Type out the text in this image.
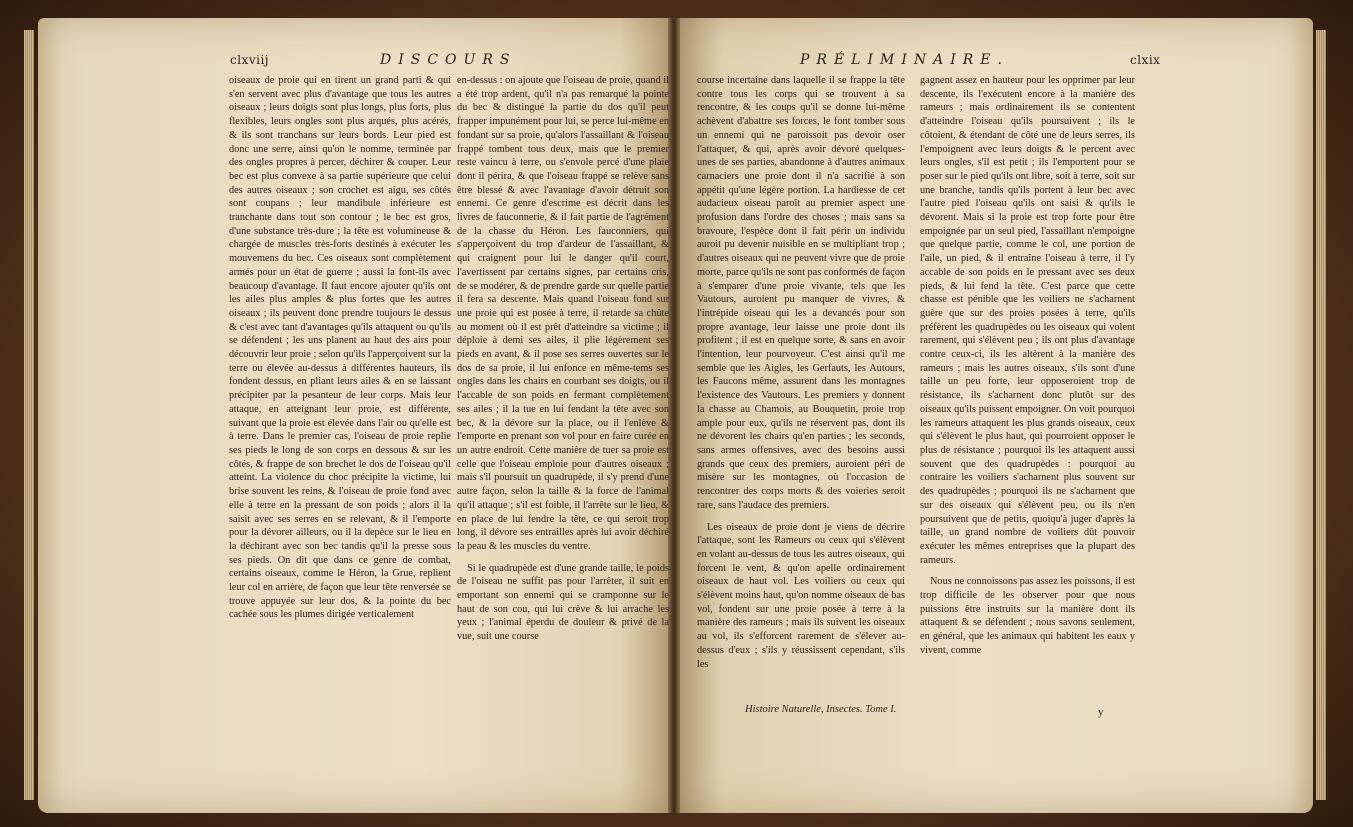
clxviij	DISCOURS

oiseaux de proie qui en tirent un grand parti & qui s'en servent avec plus d'avantage que tous les autres oiseaux ; leurs doigts sont plus longs, plus forts, plus flexibles, leurs ongles sont plus arqués, plus acérés, & ils sont tranchans sur leurs bords. Leur pied est donc une serre, ainsi qu'on le nomme, terminée par des ongles propres à percer, déchirer & couper. Leur bec est plus convexe à sa partie supérieure que celui des autres oiseaux ; son crochet est aigu, ses côtés sont coupans ; leur mandibule inférieure est tranchante dans tout son contour ; le bec est gros, d'une substance très-dure ; la tête est volumineuse & chargée de muscles très-forts destinés à exécuter les mouvemens du bec. Ces oiseaux sont complètement armés pour un état de guerre ; aussi la font-ils avec beaucoup d'avantage. Il faut encore ajouter qu'ils ont les ailes plus amples & plus fortes que les autres oiseaux ; ils peuvent donc prendre toujours le dessus & c'est avec tant d'avantages qu'ils attaquent ou qu'ils se défendent ; les uns planent au haut des airs pour découvrir leur proie ; selon qu'ils l'apperçoivent sur la terre ou élevée au-dessus à différentes hauteurs, ils fondent dessus, en pliant leurs ailes & en se laissant précipiter par la pesanteur de leur corps. Mais leur attaque, en atteignant leur proie, est différente, suivant que la proie est élevée dans l'air ou qu'elle est à terre. Dans le premier cas, l'oiseau de proie replie ses pieds le long de son corps en dessous & sur les côtés, & frappe de son brechet le dos de l'oiseau qu'il atteint. La violence du choc précipite la victime, lui brise souvent les reins, & l'oiseau de proie fond avec elle à terre en la pressant de son poids ; alors il la saisit avec ses serres en se relevant, & il l'emporte pour la dévorer ailleurs, ou il la depèce sur le lieu en la déchirant avec son bec tandis qu'il la presse sous ses pieds. On dit que dans ce genre de combat, certains oiseaux, comme le Héron, la Grue, replient leur col en arrière, de façon que leur tête renversée se trouve appuyée sur leur dos, & la pointe du bec cachée sous les plumes dirigée verticalement

en-dessus : on ajoute que l'oiseau de proie, quand il a été trop ardent, qu'il n'a pas remarqué la pointe du bec & distingué la partie du dos qu'il peut frapper impunément pour lui, se perce lui-même en fondant sur sa proie, qu'alors l'assaillant & l'oiseau frappé tombent tous deux, mais que le premier reste vaincu à terre, ou s'envole percé d'une plaie dont il périra, & que l'oiseau frappé se relève sans être blessé & avec l'avantage d'avoir détruit son ennemi. Ce genre d'escrime est décrit dans les livres de fauconnerie, & il fait partie de l'agrément de la chasse du Héron. Les fauconniers, qui s'apperçoivent du trop d'ardeur de l'assaillant, & qui craignent pour lui le danger qu'il court, l'avertissent par certains signes, par certains cris, de se modérer, & de prendre garde sur quelle partie il fera sa descente. Mais quand l'oiseau fond sur une proie qui est posée à terre, il retarde sa chûte au moment où il est prêt d'atteindre sa victime ; il déploie à demi ses ailes, il plie légèrement ses pieds en avant, & il pose ses serres ouvertes sur le dos de sa proie, il lui enfonce en même-tems ses ongles dans les chairs en courbant ses doigts, ou il l'accable de son poids en fermant complètement ses ailes ; il la tue en lui fendant la tête avec son bec, & la dévore sur la place, ou il l'enlève & l'emporte en prenant son vol pour en faire curée en un autre endroit. Cette manière de tuer sa proie est celle que l'oiseau emploie pour d'autres oiseaux ; mais s'il poursuit un quadrupède, il s'y prend d'une autre façon, selon la taille & la force de l'animal qu'il attaque ; s'il est foible, il l'arrête sur le lieu, & en place de lui fendre la tête, ce qui seroit trop long, il dévore ses entrailles après lui avoir déchiré la peau & les muscles du ventre.

Si le quadrupède est d'une grande taille, le poids de l'oiseau ne suffit pas pour l'arrêter, il suit en emportant son ennemi qui se cramponne sur le haut de son cou, qui lui crève & lui arrache les yeux ; l'animal éperdu de douleur & privé de la vue, suit une course

PRÉLIMINAIRE.	clxix

course incertaine dans laquelle il se frappe la tête contre tous les corps qui se trouvent à sa rencontre, & les coups qu'il se donne lui-même achèvent d'abattre ses forces, le font tomber sous un ennemi qui ne paroissoit pas devoir oser l'attaquer, & qui, après avoir dévoré quelques-unes de ses parties, abandonne à d'autres animaux carnaciers une proie dont il n'a sacrifié à son appétit qu'une légère portion. La hardiesse de cet audacieux oiseau paroît au premier aspect une profusion dans l'ordre des choses ; mais sans sa bravoure, l'espèce dont il fait périr un individu auroit pu devenir nuisible en se multipliant trop ; d'autres oiseaux qui ne peuvent vivre que de proie morte, parce qu'ils ne sont pas conformés de façon à s'emparer d'une proie vivante, tels que les Vautours, auroient pu manquer de vivres, & l'intrépide oiseau qui les a devancés pour son propre avantage, leur laisse une proie dont ils profitent ; il est en quelque sorte, & sans en avoir l'intention, leur pourvoyeur. C'est ainsi qu'il me semble que les Aigles, les Gerfauts, les Autours, les Faucons même, assurent dans les montagnes l'existence des Vautours. Les premiers y donnent la chasse au Chamois, au Bouquetin, proie trop ample pour eux, qu'ils ne réservent pas, dont ils ne dévorent les chairs qu'en parties ; les seconds, sans armes offensives, avec des besoins aussi grands que ceux des premiers, auroient péri de misère sur les montagnes, où l'occasion de rencontrer des corps morts & des voieries seroit rare, sans l'audace des premiers.

Les oiseaux de proie dont je viens de décrire l'attaque, sont les Rameurs ou ceux qui s'élèvent en volant au-dessus de tous les autres oiseaux, qui forcent le vent, & qu'on apelle ordinairement oiseaux de haut vol. Les voiliers ou ceux qui s'élèvent moins haut, qu'on nomme oiseaux de bas vol, fondent sur une proie posée à terre à la manière des rameurs ; mais ils suivent les oiseaux au vol, ils s'efforcent rarement de s'élever au-dessus d'eux ; s'ils y réussissent cependant, s'ils les

gagnent assez en hauteur pour les opprimer par leur descente, ils l'exécutent encore à la manière des rameurs ; mais ordinairement ils se contentent d'atteindre l'oiseau qu'ils poursuivent ; ils le côtoient, & étendant de côté une de leurs serres, ils l'empoignent avec leurs doigts & le percent avec leurs ongles, s'il est petit ; ils l'emportent pour se poser sur le pied qu'ils ont libre, soit à terre, soit sur une branche, tandis qu'ils portent à leur bec avec l'autre pied l'oiseau qu'ils ont saisi & qu'ils le dévorent. Mais si la proie est trop forte pour être empoignée par un seul pied, l'assaillant n'empoigne que quelque partie, comme le col, une portion de l'aile, un pied, & il entraîne l'oiseau à terre, il l'y accable de son poids en le pressant avec ses deux pieds, & lui fend la tête. C'est parce que cette chasse est pénible que les voiliers ne s'acharnent guère que sur des proies posées à terre, qu'ils préfèrent les quadrupèdes ou les oiseaux qui volent rarement, qui s'élèvent peu ; ils ont plus d'avantage contre ceux-ci, ils les altèrent à la manière des rameurs ; mais les autres oiseaux, s'ils sont d'une taille un peu forte, leur opposeroient trop de résistance, ils s'acharnent donc plutôt sur des oiseaux qu'ils puissent empoigner. On voit pourquoi les rameurs attaquent les plus grands oiseaux, ceux qui s'élèvent le plus haut, qui pourroient opposer le plus de résistance ; pourquoi ils les attaquent aussi souvent que des quadrupèdes : pourquoi au contraire les voiliers s'acharnent plus souvent sur des quadrupèdes ; pourquoi ils ne s'acharnent que sur des oiseaux qui s'élèvent peu, ou ils n'en poursuivent que de petits, quoiqu'à juger d'après la taille, un grand nombre de voiliers dût pouvoir exécuter les mêmes entreprises que la plupart des rameurs.

Nous ne connoissons pas assez les poissons, il est trop difficile de les observer pour que nous puissions être instruits sur la manière dont ils attaquent & se défendent ; nous savons seulement, en général, que les animaux qui habitent les eaux y vivent, comme

Histoire Naturelle, Insectes. Tome I.	y
